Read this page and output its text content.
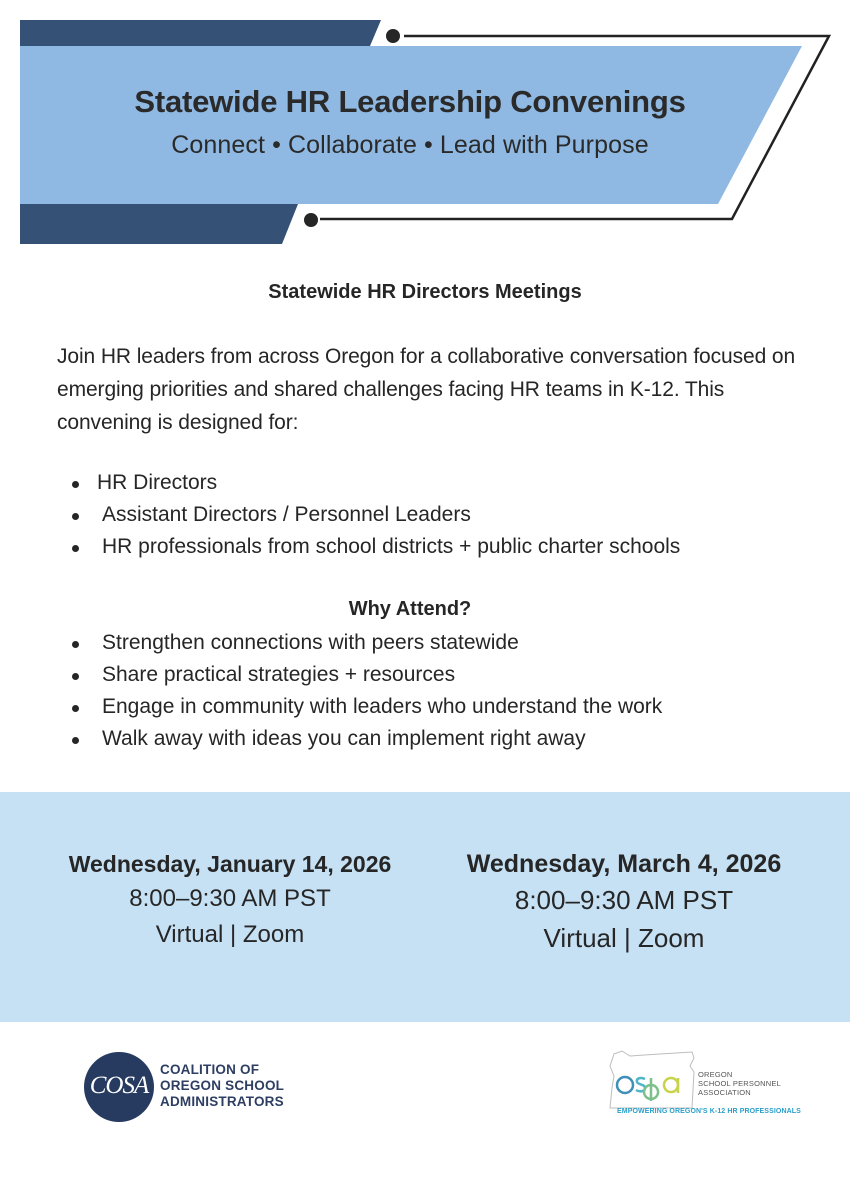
Statewide HR Leadership Convenings
Connect • Collaborate • Lead with Purpose
Statewide HR Directors Meetings

Join HR leaders from across Oregon for a collaborative conversation focused on emerging priorities and shared challenges facing HR teams in K-12. This convening is designed for:

HR Directors
Assistant Directors / Personnel Leaders
HR professionals from school districts + public charter schools
Why Attend?
Strengthen connections with peers statewide
Share practical strategies + resources
Engage in community with leaders who understand the work
Walk away with ideas you can implement right away
Wednesday, January 14, 2026
8:00–9:30 AM PST
Virtual | Zoom
Wednesday, March 4, 2026
8:00–9:30 AM PST
Virtual | Zoom
COSA
COALITION OF
OREGON SCHOOL
ADMINISTRATORS
OREGON
SCHOOL PERSONNEL
ASSOCIATION
EMPOWERING OREGON'S K-12 HR PROFESSIONALS
